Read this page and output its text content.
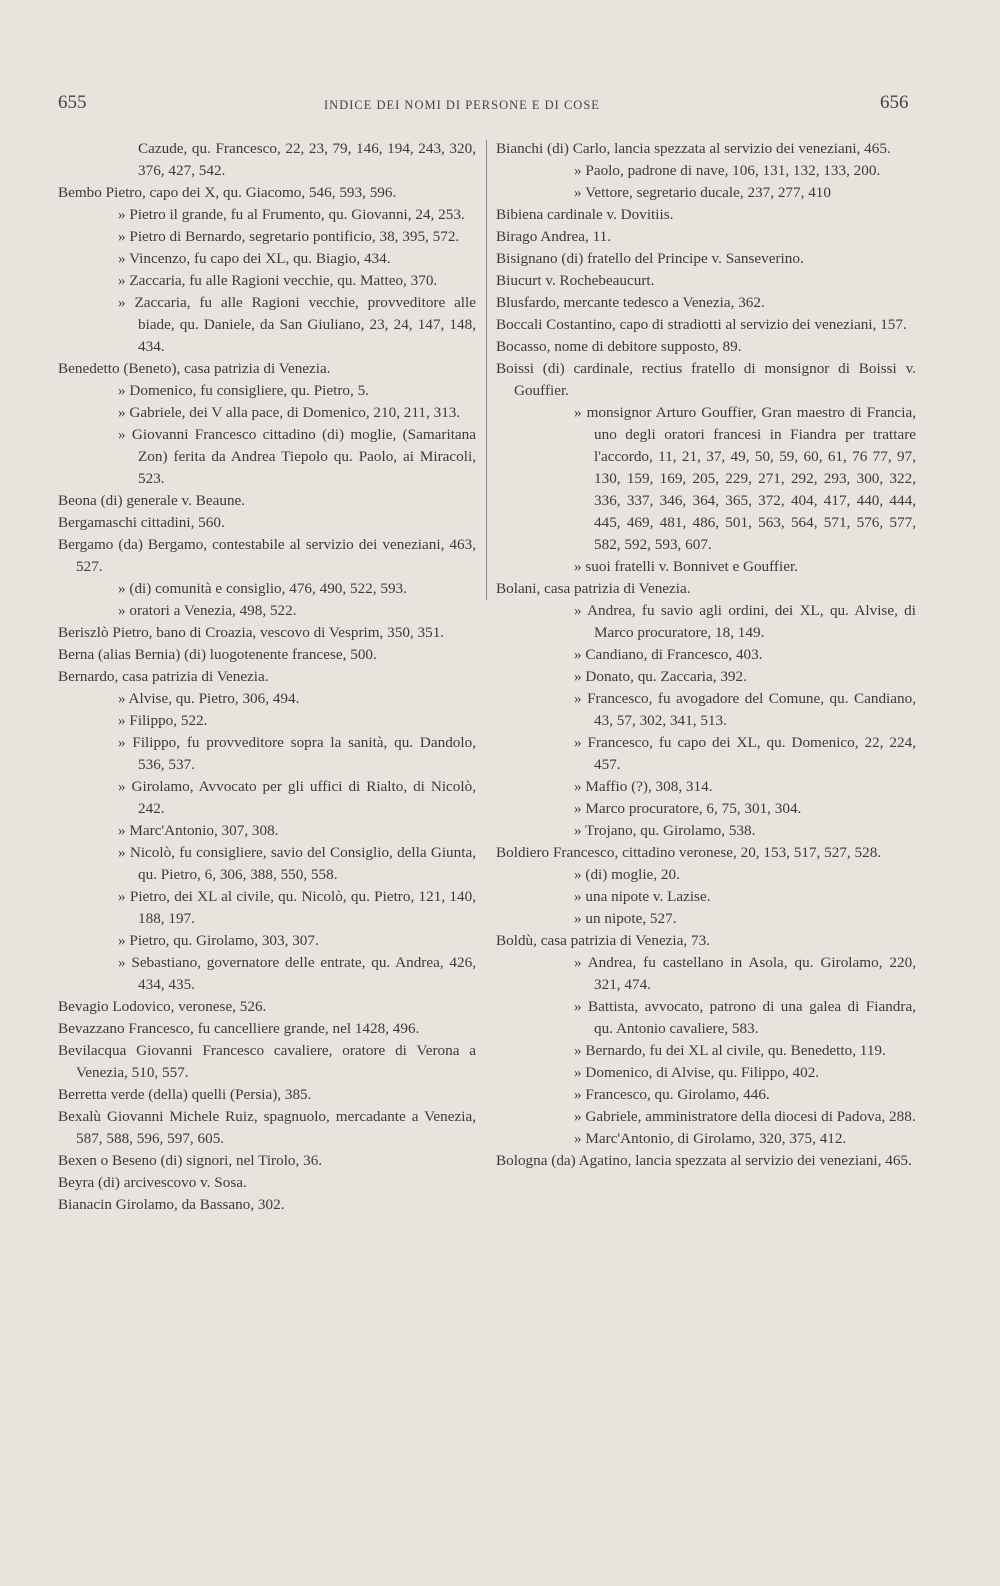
655	INDICE DEI NOMI DI PERSONE E DI COSE	656
Cazude, qu. Francesco, 22, 23, 79, 146, 194, 243, 320, 376, 427, 542.
Bembo Pietro, capo dei X, qu. Giacomo, 546, 593, 596.
» Pietro il grande, fu al Frumento, qu. Giovanni, 24, 253.
» Pietro di Bernardo, segretario pontificio, 38, 395, 572.
» Vincenzo, fu capo dei XL, qu. Biagio, 434.
» Zaccaria, fu alle Ragioni vecchie, qu. Matteo, 370.
» Zaccaria, fu alle Ragioni vecchie, provveditore alle biade, qu. Daniele, da San Giuliano, 23, 24, 147, 148, 434.
Benedetto (Beneto), casa patrizia di Venezia.
» Domenico, fu consigliere, qu. Pietro, 5.
» Gabriele, dei V alla pace, di Domenico, 210, 211, 313.
» Giovanni Francesco cittadino (di) moglie, (Samaritana Zon) ferita da Andrea Tiepolo qu. Paolo, ai Miracoli, 523.
Beona (di) generale v. Beaune.
Bergamaschi cittadini, 560.
Bergamo (da) Bergamo, contestabile al servizio dei veneziani, 463, 527.
» (di) comunità e consiglio, 476, 490, 522, 593.
» oratori a Venezia, 498, 522.
Beriszlò Pietro, bano di Croazia, vescovo di Vesprim, 350, 351.
Berna (alias Bernia) (di) luogotenente francese, 500.
Bernardo, casa patrizia di Venezia.
» Alvise, qu. Pietro, 306, 494.
» Filippo, 522.
» Filippo, fu provveditore sopra la sanità, qu. Dandolo, 536, 537.
» Girolamo, Avvocato per gli uffici di Rialto, di Nicolò, 242.
» Marc'Antonio, 307, 308.
» Nicolò, fu consigliere, savio del Consiglio, della Giunta, qu. Pietro, 6, 306, 388, 550, 558.
» Pietro, dei XL al civile, qu. Nicolò, qu. Pietro, 121, 140, 188, 197.
» Pietro, qu. Girolamo, 303, 307.
» Sebastiano, governatore delle entrate, qu. Andrea, 426, 434, 435.
Bevagio Lodovico, veronese, 526.
Bevazzano Francesco, fu cancelliere grande, nel 1428, 496.
Bevilacqua Giovanni Francesco cavaliere, oratore di Verona a Venezia, 510, 557.
Berretta verde (della) quelli (Persia), 385.
Bexalù Giovanni Michele Ruiz, spagnuolo, mercadante a Venezia, 587, 588, 596, 597, 605.
Bexen o Beseno (di) signori, nel Tirolo, 36.
Beyra (di) arcivescovo v. Sosa.
Bianacin Girolamo, da Bassano, 302.
Bianchi (di) Carlo, lancia spezzata al servizio dei veneziani, 465.
» Paolo, padrone di nave, 106, 131, 132, 133, 200.
» Vettore, segretario ducale, 237, 277, 410
Bibiena cardinale v. Dovitiis.
Birago Andrea, 11.
Bisignano (di) fratello del Principe v. Sanseverino.
Biucurt v. Rochebeaucurt.
Blusfardo, mercante tedesco a Venezia, 362.
Boccali Costantino, capo di stradiotti al servizio dei veneziani, 157.
Bocasso, nome di debitore supposto, 89.
Boissi (di) cardinale, rectius fratello di monsignor di Boissi v. Gouffier.
» monsignor Arturo Gouffier, Gran maestro di Francia, uno degli oratori francesi in Fiandra per trattare l'accordo, 11, 21, 37, 49, 50, 59, 60, 61, 76 77, 97, 130, 159, 169, 205, 229, 271, 292, 293, 300, 322, 336, 337, 346, 364, 365, 372, 404, 417, 440, 444, 445, 469, 481, 486, 501, 563, 564, 571, 576, 577, 582, 592, 593, 607.
» suoi fratelli v. Bonnivet e Gouffier.
Bolani, casa patrizia di Venezia.
» Andrea, fu savio agli ordini, dei XL, qu. Alvise, di Marco procuratore, 18, 149.
» Candiano, di Francesco, 403.
» Donato, qu. Zaccaria, 392.
» Francesco, fu avogadore del Comune, qu. Candiano, 43, 57, 302, 341, 513.
» Francesco, fu capo dei XL, qu. Domenico, 22, 224, 457.
» Maffio (?), 308, 314.
» Marco procuratore, 6, 75, 301, 304.
» Trojano, qu. Girolamo, 538.
Boldiero Francesco, cittadino veronese, 20, 153, 517, 527, 528.
» (di) moglie, 20.
» una nipote v. Lazise.
» un nipote, 527.
Boldù, casa patrizia di Venezia, 73.
» Andrea, fu castellano in Asola, qu. Girolamo, 220, 321, 474.
» Battista, avvocato, patrono di una galea di Fiandra, qu. Antonio cavaliere, 583.
» Bernardo, fu dei XL al civile, qu. Benedetto, 119.
» Domenico, di Alvise, qu. Filippo, 402.
» Francesco, qu. Girolamo, 446.
» Gabriele, amministratore della diocesi di Padova, 288.
» Marc'Antonio, di Girolamo, 320, 375, 412.
Bologna (da) Agatino, lancia spezzata al servizio dei veneziani, 465.
